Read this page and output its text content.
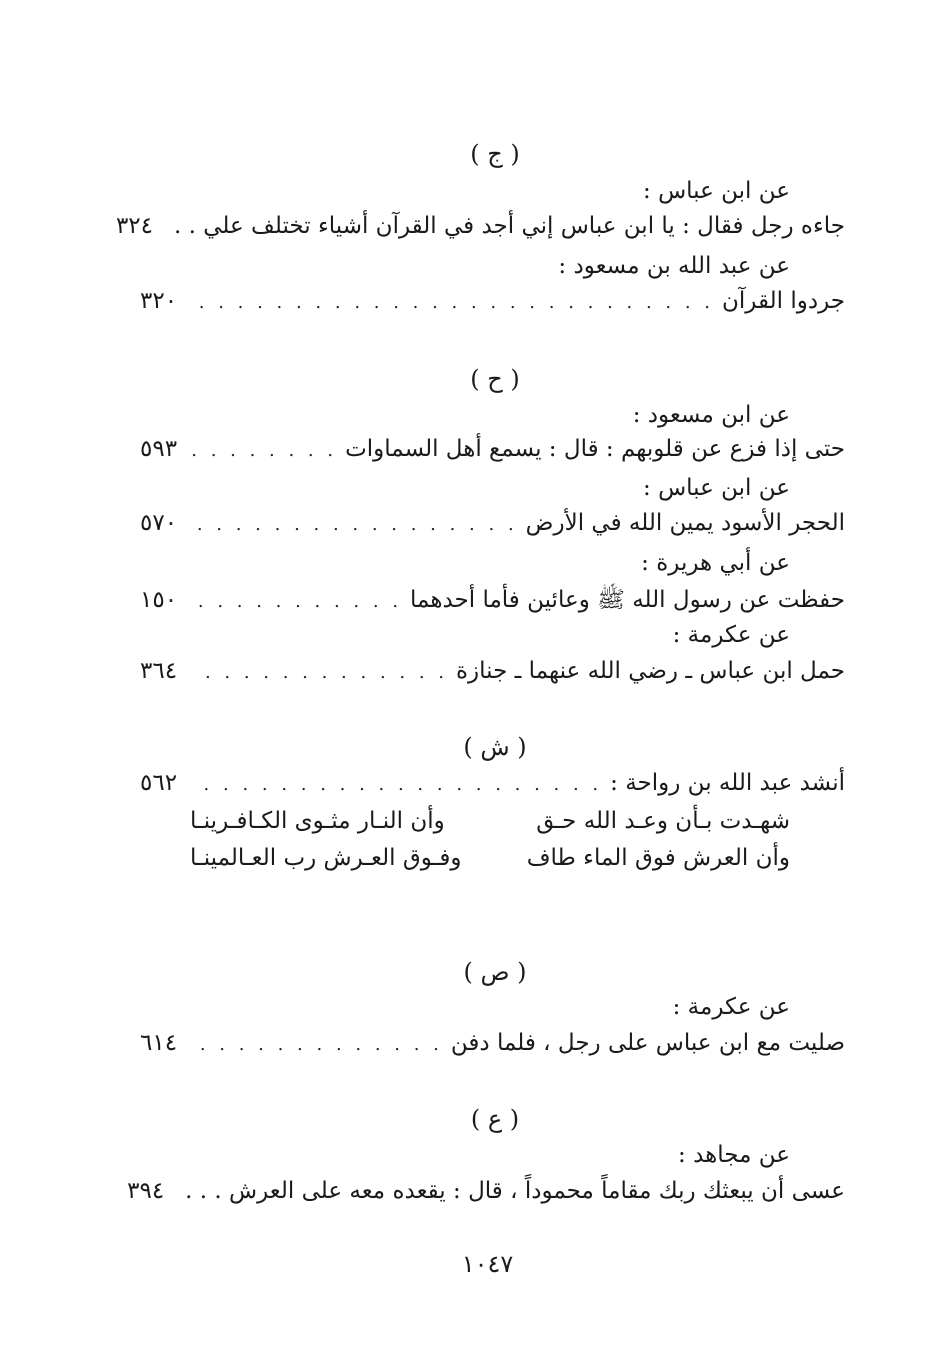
( ج )
عن ابن عباس :
جاءه رجل فقال : يا ابن عباس إني أجد في القرآن أشياء تختلف علي . .
٣٢٤
عن عبد الله بن مسعود :
جردوا القرآن
. . .
٣٢٠
( ح )
عن ابن مسعود :
حتى إذا فزع عن قلوبهم : قال : يسمع أهل السماوات
. . .
٥٩٣
عن ابن عباس :
الحجر الأسود يمين الله في الأرض
. . .
٥٧٠
عن أبي هريرة :
حفظت عن رسول الله ﷺ وعائين فأما أحدهما
. . .
١٥٠
عن عكرمة :
حمل ابن عباس ـ رضي الله عنهما ـ جنازة
. . .
٣٦٤
( ش )
أنشد عبد الله بن رواحة :
. . .
٥٦٢
شهـدت بـأن وعـد الله حـق
وأن النـار مثـوى الكـافـرينـا
وأن العرش فوق الماء طاف
وفـوق العـرش رب العـالمينـا
( ص )
عن عكرمة :
صليت مع ابن عباس على رجل ، فلما دفن
. . .
٦١٤
( ع )
عن مجاهد :
عسى أن يبعثك ربك مقاماً محموداً ، قال : يقعده معه على العرش . . .
٣٩٤
١٠٤٧
